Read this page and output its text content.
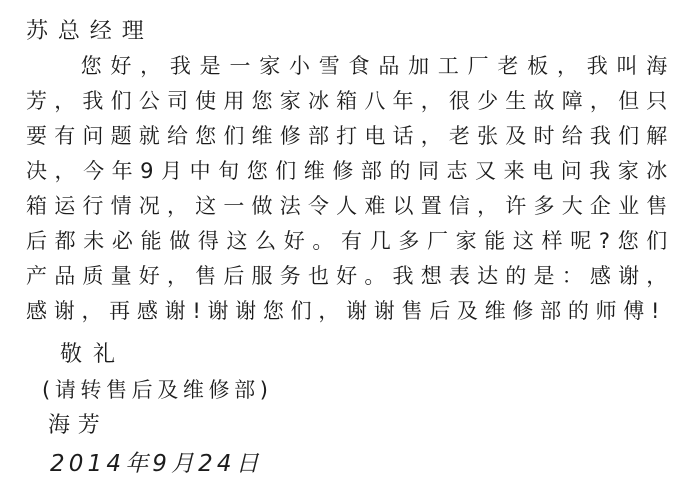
苏总经理

您好，我是一家小雪食品加工厂老板，我叫海芳，我们公司使用您家冰箱八年，很少生故障，但只要有问题就给您们维修部打电话，老张及时给我们解决，今年9月中旬您们维修部的同志又来电问我家冰箱运行情况，这一做法令人难以置信，许多大企业售后都未必能做得这么好。有几多厂家能这样呢?您们产品质量好，售后服务也好。我想表达的是：感谢，感谢，再感谢!谢谢您们，谢谢售后及维修部的师傅!

敬礼
(请转售后及维修部)
海芳
2014年9月24日
